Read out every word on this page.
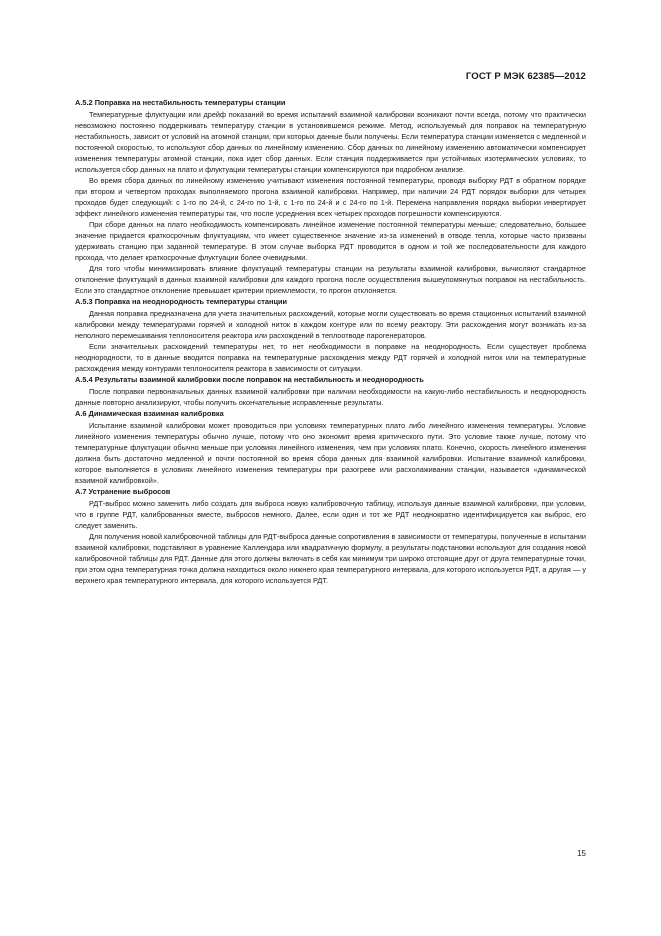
ГОСТ Р МЭК 62385—2012
А.5.2 Поправка на нестабильность температуры станции

Температурные флуктуации или дрейф показаний во время испытаний взаимной калибровки возникают почти всегда, потому что практически невозможно постоянно поддерживать температуру станции в установившемся режиме. Метод, используемый для поправок на температурную нестабильность, зависит от условий на атомной станции, при которых данные были получены. Если температура станции изменяется с медленной и постоянной скоростью, то используют сбор данных по линейному изменению. Сбор данных по линейному изменению автоматически компенсирует изменения температуры атомной станции, пока идет сбор данных. Если станция поддерживается при устойчивых изотермических условиях, то используется сбор данных на плато и флуктуации температуры станции компенсируются при подробном анализе.

Во время сбора данных по линейному изменению учитывают изменения постоянной температуры, проводя выборку РДТ в обратном порядке при втором и четвертом проходах выполняемого прогона взаимной калибровки. Например, при наличии 24 РДТ порядок выборки для четырех проходов будет следующий: с 1-го по 24-й, с 24-го по 1-й, с 1-го по 24-й и с 24-го по 1-й. Перемена направления порядка выборки инвертирует эффект линейного изменения температуры так, что после усреднения всех четырех проходов погрешности компенсируются.

При сборе данных на плато необходимость компенсировать линейное изменение постоянной температуры меньше; следовательно, большее значение придается краткосрочным флуктуациям, что имеет существенное значение из-за изменений в отводе тепла, которые часто призваны удерживать станцию при заданной температуре. В этом случае выборка РДТ проводится в одном и той же последовательности для каждого прохода, что делает краткосрочные флуктуации более очевидными.

Для того чтобы минимизировать влияние флуктуаций температуры станции на результаты взаимной калибровки, вычисляют стандартное отклонение флуктуаций в данных взаимной калибровки для каждого прогона после осуществления вышеупомянутых поправок на нестабильность. Если это стандартное отклонение превышает критерии приемлемости, то прогон отклоняется.

А.5.3 Поправка на неоднородность температуры станции

Данная поправка предназначена для учета значительных расхождений, которые могли существовать во время стационных испытаний взаимной калибровки между температурами горячей и холодной ниток в каждом контуре или по всему реактору. Эти расхождения могут возникать из-за неполного перемешивания теплоносителя реактора или расхождений в теплоотводе парогенераторов.

Если значительных расхождений температуры нет, то нет необходимости в поправке на неоднородность. Если существует проблема неоднородности, то в данные вводится поправка на температурные расхождения между РДТ горячей и холодной ниток или на температурные расхождения между контурами теплоносителя реактора в зависимости от ситуации.

А.5.4 Результаты взаимной калибровки после поправок на нестабильность и неоднородность

После поправки первоначальных данных взаимной калибровки при наличии необходимости на какую-либо нестабильность и неоднородность данные повторно анализируют, чтобы получить окончательные исправленные результаты.

А.6 Динамическая взаимная калибровка

Испытание взаимной калибровки может проводиться при условиях температурных плато либо линейного изменения температуры. Условие линейного изменения температуры обычно лучше, потому что оно экономит время критического пути. Это условие также лучше, потому что температурные флуктуации обычно меньше при условиях линейного изменения, чем при условиях плато. Конечно, скорость линейного изменения должна быть достаточно медленной и почти постоянной во время сбора данных для взаимной калибровки. Испытание взаимной калибровки, которое выполняется в условиях линейного изменения температуры при разогреве или расхолаживании станции, называется «динамической взаимной калибровкой».

А.7 Устранение выбросов

РДТ-выброс можно заменить либо создать для выброса новую калибровочную таблицу, используя данные взаимной калибровки, при условии, что в группе РДТ, калиброванных вместе, выбросов немного. Далее, если один и тот же РДТ неоднократно идентифицируется как выброс, его следует заменить.

Для получения новой калибровочной таблицы для РДТ-выброса данные сопротивления в зависимости от температуры, полученные в испытании взаимной калибровки, подставляют в уравнение Каллендара или квадратичную формулу, а результаты подстановки используют для создания новой калибровочной таблицы для РДТ. Данные для этого должны включать в себя как минимум три широко отстоящие друг от друга температурные точки, при этом одна температурная точка должна находиться около нижнего края температурного интервала, для которого используется РДТ, а другая — у верхнего края температурного интервала, для которого используется РДТ.

15
